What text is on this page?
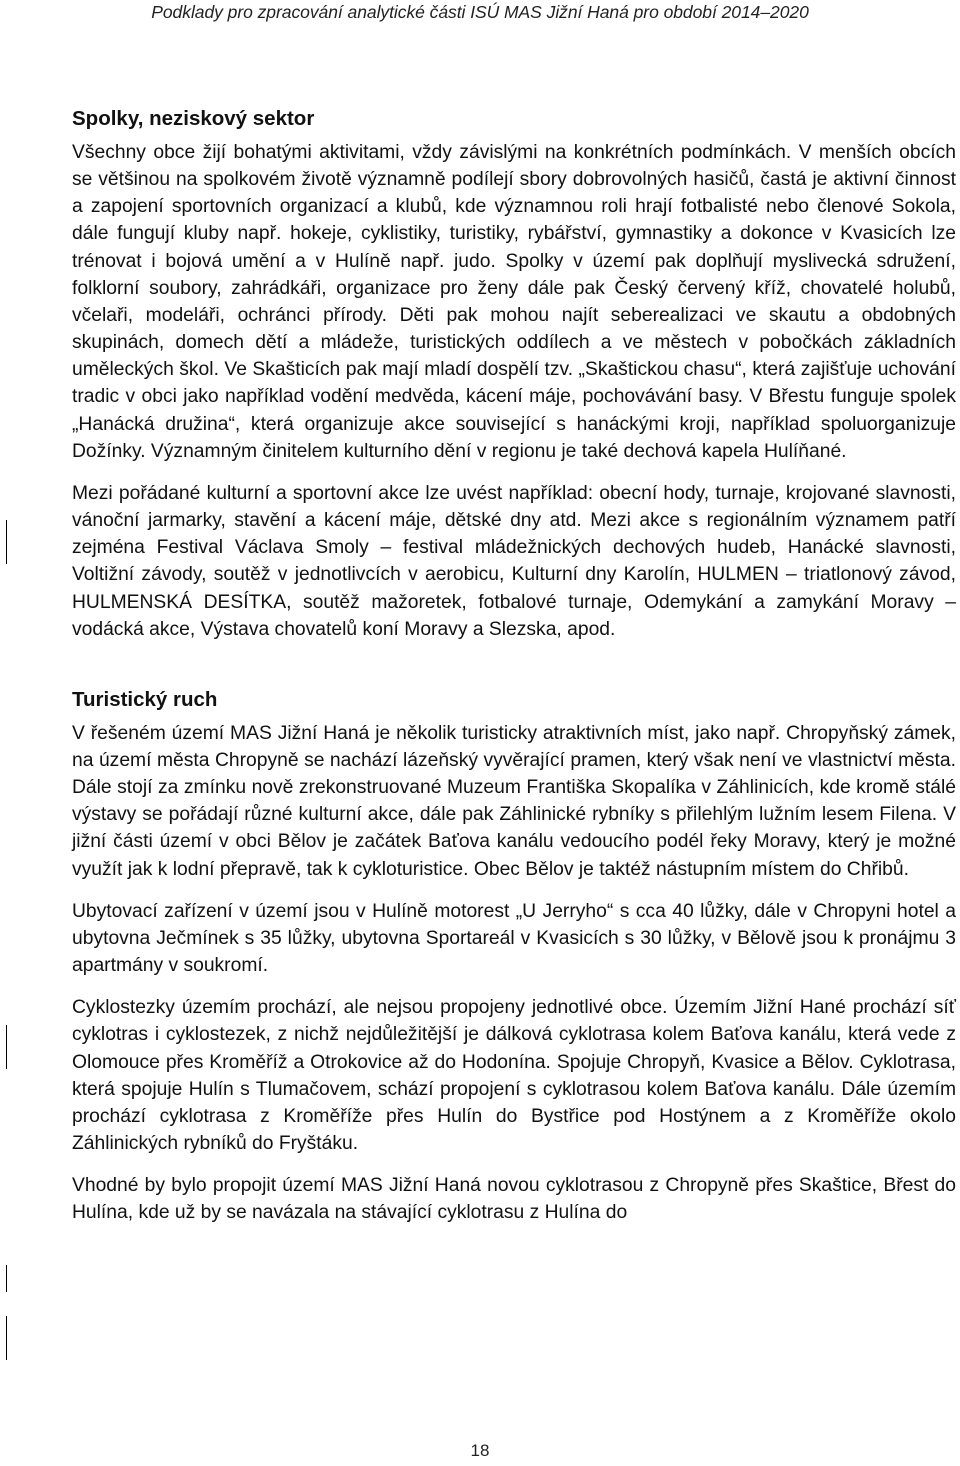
Podklady pro zpracování analytické části ISÚ MAS Jižní Haná pro období 2014–2020
Spolky, neziskový sektor

Všechny obce žijí bohatými aktivitami, vždy závislými na konkrétních podmínkách. V menších obcích se většinou na spolkovém životě významně podílejí sbory dobrovolných hasičů, častá je aktivní činnost a zapojení sportovních organizací a klubů, kde významnou roli hrají fotbalisté nebo členové Sokola, dále fungují kluby např. hokeje, cyklistiky, turistiky, rybářství, gymnastiky a dokonce v Kvasicích lze trénovat i bojová umění a v Hulíně např. judo. Spolky v území pak doplňují myslivecká sdružení, folklorní soubory, zahrádkáři, organizace pro ženy dále pak Český červený kříž, chovatelé holubů, včelaři, modeláři, ochránci přírody. Děti pak mohou najít seberealizaci ve skautu a obdobných skupinách, domech dětí a mládeže, turistických oddílech a ve městech v pobočkách základních uměleckých škol. Ve Skašticích pak mají mladí dospělí tzv. „Skaštickou chasu“, která zajišťuje uchování tradic v obci jako například vodění medvěda, kácení máje, pochovávání basy. V Břestu funguje spolek „Hanácká družina“, která organizuje akce související s hanáckými kroji, například spoluorganizuje Dožínky. Významným činitelem kulturního dění v regionu je také dechová kapela Hulíňané.

Mezi pořádané kulturní a sportovní akce lze uvést například: obecní hody, turnaje, krojované slavnosti, vánoční jarmarky, stavění a kácení máje, dětské dny atd. Mezi akce s regionálním významem patří zejména Festival Václava Smoly – festival mládežnických dechových hudeb, Hanácké slavnosti, Voltižní závody, soutěž v jednotlivcích v aerobicu, Kulturní dny Karolín, HULMEN – triatlonový závod, HULMENSKÁ DESÍTKA, soutěž mažoretek, fotbalové turnaje, Odemykání a zamykání Moravy – vodácká akce, Výstava chovatelů koní Moravy a Slezska, apod.

Turistický ruch

V řešeném území MAS Jižní Haná je několik turisticky atraktivních míst, jako např. Chropyňský zámek, na území města Chropyně se nachází lázeňský vyvěrající pramen, který však není ve vlastnictví města. Dále stojí za zmínku nově zrekonstruované Muzeum Františka Skopalíka v Záhlinicích, kde kromě stálé výstavy se pořádají různé kulturní akce, dále pak Záhlinické rybníky s přilehlým lužním lesem Filena. V jižní části území v obci Bělov je začátek Baťova kanálu vedoucího podél řeky Moravy, který je možné využít jak k lodní přepravě, tak k cykloturistice. Obec Bělov je taktéž nástupním místem do Chřibů.

Ubytovací zařízení v území jsou v Hulíně motorest „U Jerryho“ s cca 40 lůžky, dále v Chropyni hotel a ubytovna Ječmínek s 35 lůžky, ubytovna Sportareál v Kvasicích s 30 lůžky, v Bělově jsou k pronájmu 3 apartmány v soukromí.

Cyklostezky územím prochází, ale nejsou propojeny jednotlivé obce. Územím Jižní Hané prochází síť cyklotras i cyklostezek, z nichž nejdůležitější je dálková cyklotrasa kolem Baťova kanálu, která vede z Olomouce přes Kroměříž a Otrokovice až do Hodonína. Spojuje Chropyň, Kvasice a Bělov. Cyklotrasa, která spojuje Hulín s Tlumačovem, schází propojení s cyklotrasou kolem Baťova kanálu. Dále územím prochází cyklotrasa z Kroměříže přes Hulín do Bystřice pod Hostýnem a z Kroměříže okolo Záhlinických rybníků do Fryštáku.

Vhodné by bylo propojit území MAS Jižní Haná novou cyklotrasou z Chropyně přes Skaštice, Břest do Hulína, kde už by se navázala na stávající cyklotrasu z Hulína do

18
